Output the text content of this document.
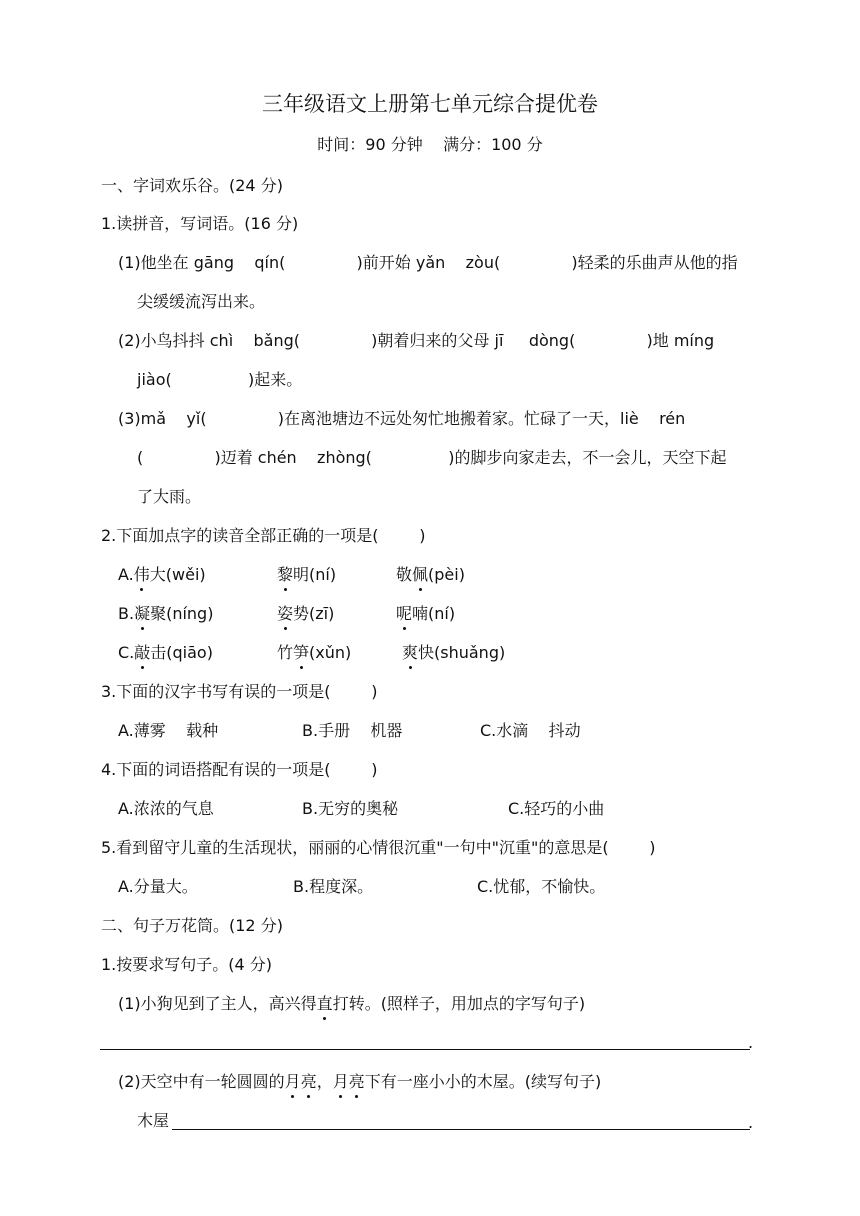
三年级语文上册第七单元综合提优卷
时间：90 分钟    满分：100 分
一、字词欢乐谷。(24 分)
1.读拼音，写词语。(16 分)
(1)他坐在 gāng    qín(              )前开始 yǎn    zòu(              )轻柔的乐曲声从他的指
尖缓缓流泻出来。
(2)小鸟抖抖 chì    bǎng(              )朝着归来的父母 jī     dòng(              )地 míng
jiào(               )起来。
(3)mǎ    yǐ(              )在离池塘边不远处匆忙地搬着家。忙碌了一天，liè    rén
(              )迈着 chén    zhòng(               )的脚步向家走去，不一会儿，天空下起
了大雨。
2.下面加点字的读音全部正确的一项是(        )
A.伟大(wěi)	黎明(ní)	敬佩(pèi)
B.凝聚(níng)	姿势(zī)	呢喃(ní)
C.敲击(qiāo)	竹笋(xǔn)	爽快(shuǎng)
3.下面的汉字书写有误的一项是(        )
A.薄雾    载种	B.手册    机器	C.水滴    抖动
4.下面的词语搭配有误的一项是(        )
A.浓浓的气息	B.无穷的奥秘	C.轻巧的小曲
5.看到留守儿童的生活现状，丽丽的心情很沉重"一句中"沉重"的意思是(        )
A.分量大。	B.程度深。	C.忧郁，不愉快。
二、句子万花筒。(12 分)
1.按要求写句子。(4 分)
(1)小狗见到了主人，高兴得直打转。(照样子，用加点的字写句子)
.
(2)天空中有一轮圆圆的月亮，月亮下有一座小小的木屋。(续写句子)
木屋	.
